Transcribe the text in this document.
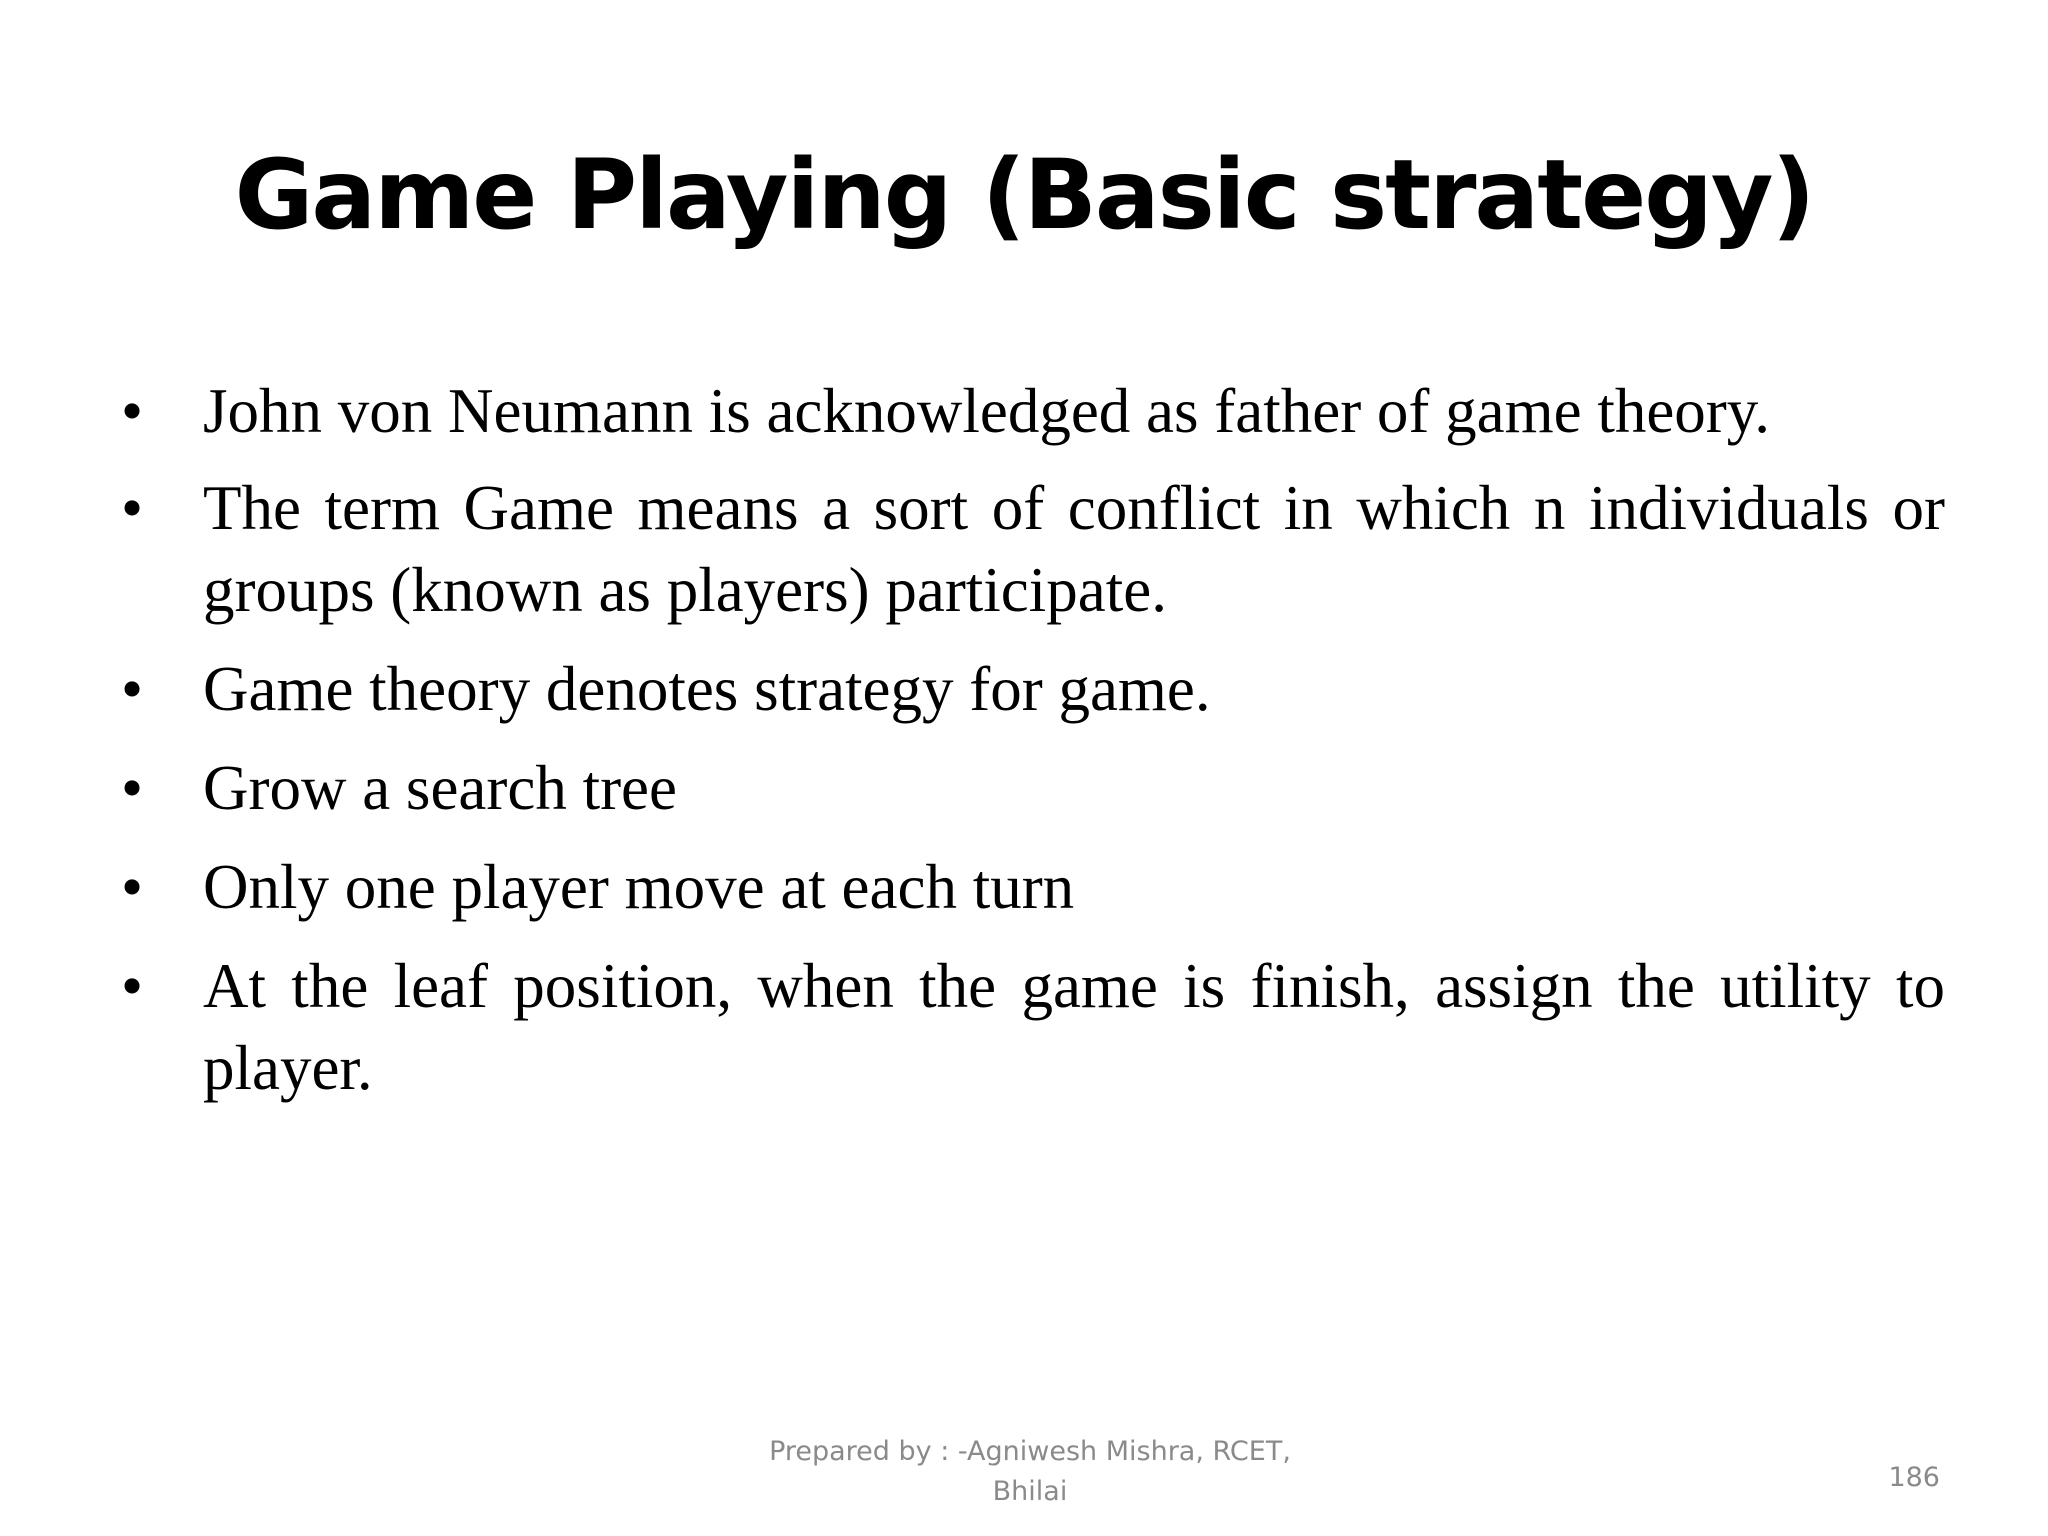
Game Playing (Basic strategy)
• John von Neumann is acknowledged as father of game theory.
• The term Game means a sort of conflict in which n individuals or groups (known as players) participate.
• Game theory denotes strategy for game.
• Grow a search tree
• Only one player move at each turn
• At the leaf position, when the game is finish, assign the utility to player.
Prepared by : -Agniwesh Mishra, RCET, Bhilai	186
